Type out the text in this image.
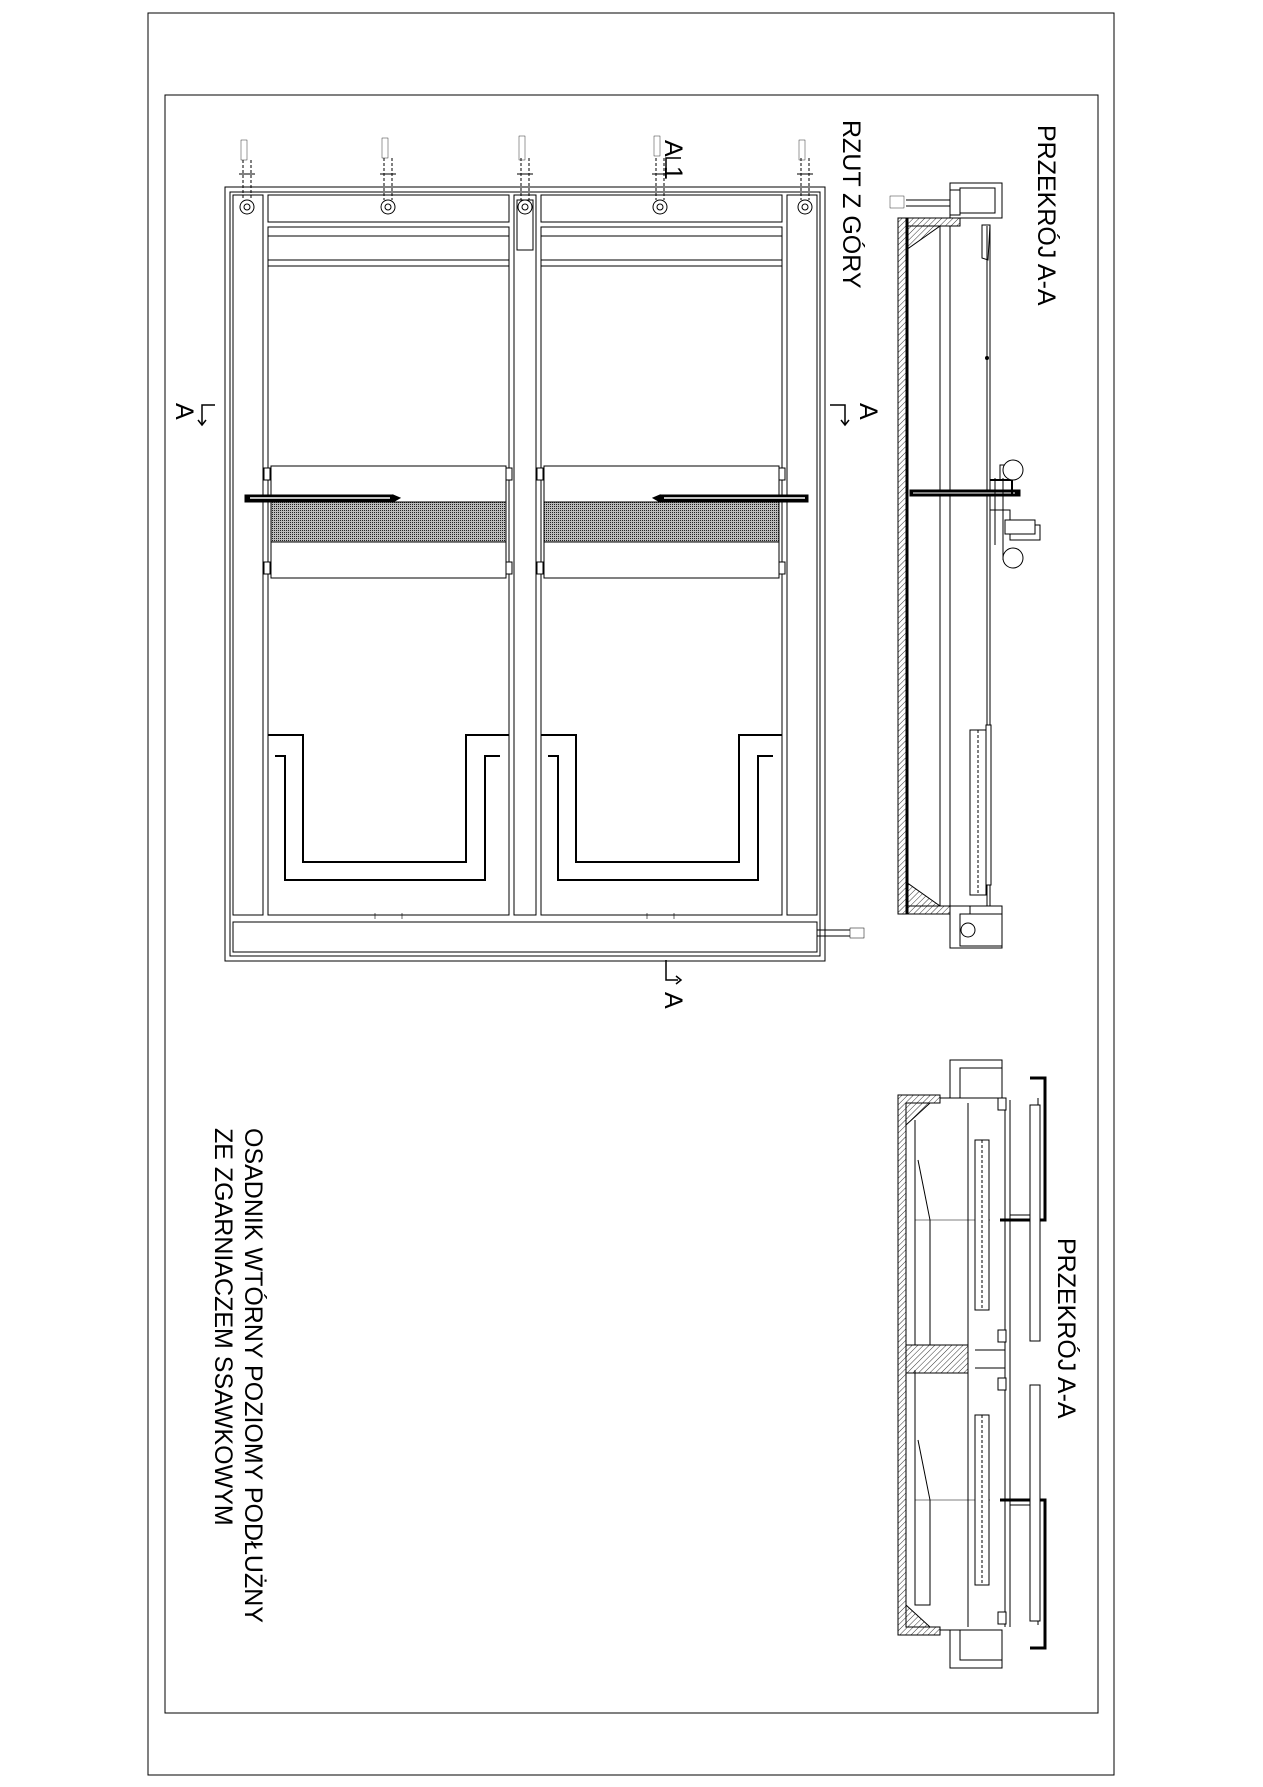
A
1
A
A	A
RZUT Z GÓRY	PRZEKRÓJ A-A
PRZEKRÓJ A-A
OSADNIK WTÓRNY POZIOMY PODŁUŻNY
ZE ZGARNIACZEM SSAWKOWYM
